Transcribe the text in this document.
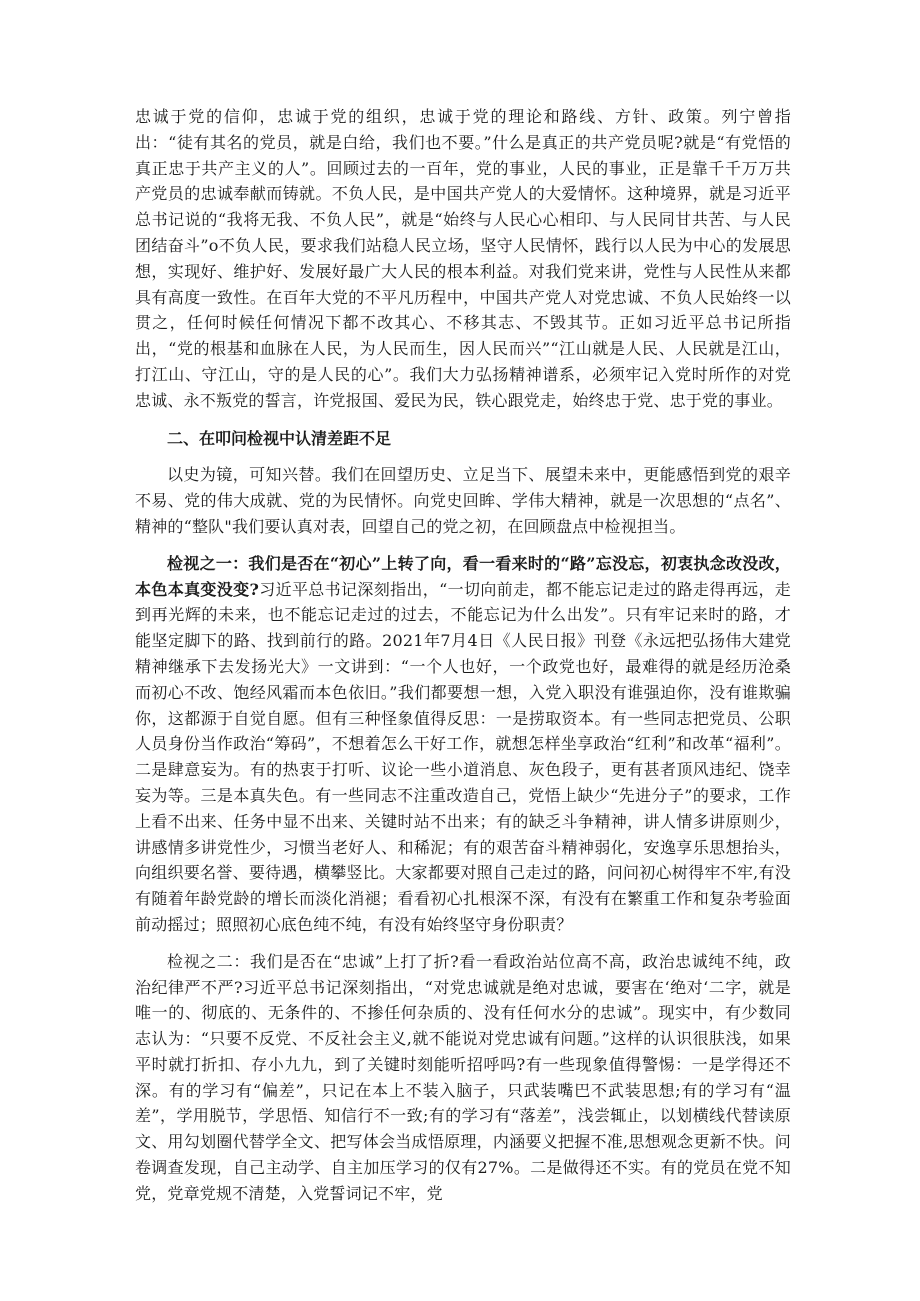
忠诚于党的信仰，忠诚于党的组织，忠诚于党的理论和路线、方针、政策。列宁曾指出：“徒有其名的党员，就是白给，我们也不要。”什么是真正的共产党员呢?就是“有党悟的真正忠于共产主义的人”。回顾过去的一百年，党的事业，人民的事业，正是靠千千万万共产党员的忠诚奉献而铸就。不负人民，是中国共产党人的大爱情怀。这种境界，就是习近平总书记说的“我将无我、不负人民”，就是“始终与人民心心相印、与人民同甘共苦、与人民团结奋斗”o不负人民，要求我们站稳人民立场，坚守人民情怀，践行以人民为中心的发展思想，实现好、维护好、发展好最广大人民的根本利益。对我们党来讲，党性与人民性从来都具有高度一致性。在百年大党的不平凡历程中，中国共产党人对党忠诚、不负人民始终一以贯之，任何时候任何情况下都不改其心、不移其志、不毁其节。正如习近平总书记所指出，“党的根基和血脉在人民，为人民而生，因人民而兴”“江山就是人民、人民就是江山，打江山、守江山，守的是人民的心”。我们大力弘扬精神谱系，必须牢记入党时所作的对党忠诚、永不叛党的誓言，许党报国、爱民为民，铁心跟党走，始终忠于党、忠于党的事业。

二、在叩问检视中认清差距不足

以史为镜，可知兴替。我们在回望历史、立足当下、展望未来中，更能感悟到党的艰辛不易、党的伟大成就、党的为民情怀。向党史回眸、学伟大精神，就是一次思想的“点名”、精神的“整队"我们要认真对表，回望自己的党之初，在回顾盘点中检视担当。

检视之一：我们是否在“初心”上转了向，看一看来时的“路”忘没忘，初衷执念改没改，本色本真变没变?习近平总书记深刻指出，“一切向前走，都不能忘记走过的路走得再远，走到再光辉的未来，也不能忘记走过的过去，不能忘记为什么出发”。只有牢记来时的路，才能坚定脚下的路、找到前行的路。2021年7月4日《人民日报》刊登《永远把弘扬伟大建党精神继承下去发扬光大》一文讲到：“一个人也好，一个政党也好，最难得的就是经历沧桑而初心不改、饱经风霜而本色依旧。”我们都要想一想，入党入职没有谁强迫你，没有谁欺骗你，这都源于自觉自愿。但有三种怪象值得反思：一是捞取资本。有一些同志把党员、公职人员身份当作政治“筹码”，不想着怎么干好工作，就想怎样坐享政治“红利”和改革“福利”。二是肆意妄为。有的热衷于打听、议论一些小道消息、灰色段子，更有甚者顶风违纪、饶幸妄为等。三是本真失色。有一些同志不注重改造自己，党悟上缺少“先进分子”的要求，工作上看不出来、任务中显不出来、关键时站不出来；有的缺乏斗争精神，讲人情多讲原则少，讲感情多讲党性少，习惯当老好人、和稀泥；有的艰苦奋斗精神弱化，安逸享乐思想抬头，向组织要名誉、要待遇，横攀竖比。大家都要对照自己走过的路，问问初心树得牢不牢,有没有随着年龄党龄的增长而淡化消褪；看看初心扎根深不深，有没有在繁重工作和复杂考验面前动摇过；照照初心底色纯不纯，有没有始终坚守身份职责？

检视之二：我们是否在“忠诚”上打了折?看一看政治站位高不高，政治忠诚纯不纯，政治纪律严不严?习近平总书记深刻指出，“对党忠诚就是绝对忠诚，要害在‘绝对‘二字，就是唯一的、彻底的、无条件的、不掺任何杂质的、没有任何水分的忠诚”。现实中，有少数同志认为：“只要不反党、不反社会主义,就不能说对党忠诚有问题。”这样的认识很肤浅，如果平时就打折扣、存小九九，到了关键时刻能听招呼吗?有一些现象值得警惕：一是学得还不深。有的学习有“偏差”，只记在本上不装入脑子，只武装嘴巴不武装思想;有的学习有“温差”，学用脱节，学思悟、知信行不一致;有的学习有“落差”，浅尝辄止，以划横线代替读原文、用勾划圈代替学全文、把写体会当成悟原理，内涵要义把握不准,思想观念更新不快。问卷调查发现，自己主动学、自主加压学习的仅有27%。二是做得还不实。有的党员在党不知党，党章党规不清楚，入党誓词记不牢，党
